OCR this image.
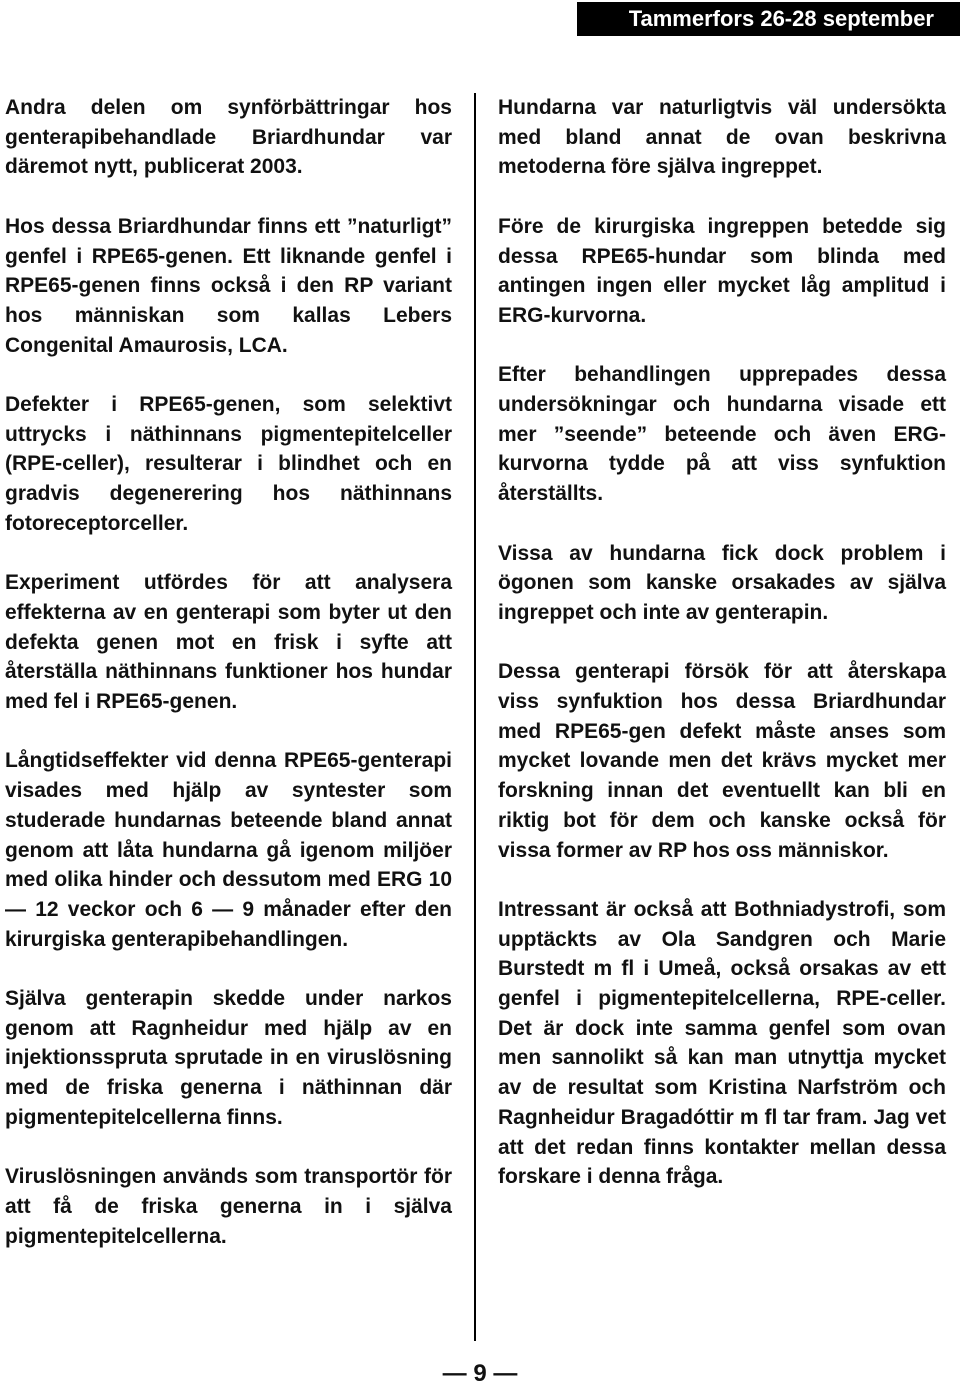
Tammerfors 26-28 september

Andra delen om synförbättringar hos genterapibehandlade Briardhundar var däremot nytt, publicerat 2003.

Hos dessa Briardhundar finns ett ”naturligt” genfel i RPE65-genen. Ett liknande genfel i RPE65-genen finns också i den RP variant hos människan som kallas Lebers Congenital Amaurosis, LCA.

Defekter i RPE65-genen, som selektivt uttrycks i näthinnans pigmentepitelceller (RPE-celler), resulterar i blindhet och en gradvis degenerering hos näthinnans fotoreceptorceller.

Experiment utfördes för att analysera effekterna av en genterapi som byter ut den defekta genen mot en frisk i syfte att återställa näthinnans funktioner hos hundar med fel i RPE65-genen.

Långtidseffekter vid denna RPE65-genterapi visades med hjälp av syntester som studerade hundarnas beteende bland annat genom att låta hundarna gå igenom miljöer med olika hinder och dessutom med ERG 10 — 12 veckor och 6 — 9 månader efter den kirurgiska genterapibehandlingen.

Själva genterapin skedde under narkos genom att Ragnheidur med hjälp av en injektionsspruta sprutade in en viruslösning med de friska generna i näthinnan där pigmentepitelcellerna finns.

Viruslösningen används som transportör för att få de friska generna in i själva pigmentepitelcellerna.

Hundarna var naturligtvis väl undersökta med bland annat de ovan beskrivna metoderna före själva ingreppet.

Före de kirurgiska ingreppen betedde sig dessa RPE65-hundar som blinda med antingen ingen eller mycket låg amplitud i ERG-kurvorna.

Efter behandlingen upprepades dessa undersökningar och hundarna visade ett mer ”seende” beteende och även ERG-kurvorna tydde på att viss synfuktion återställts.

Vissa av hundarna fick dock problem i ögonen som kanske orsakades av själva ingreppet och inte av genterapin.

Dessa genterapi försök för att återskapa viss synfuktion hos dessa Briardhundar med RPE65-gen defekt måste anses som mycket lovande men det krävs mycket mer forskning innan det eventuellt kan bli en riktig bot för dem och kanske också för vissa former av RP hos oss människor.

Intressant är också att Bothniadystrofi, som upptäckts av Ola Sandgren och Marie Burstedt m fl i Umeå, också orsakas av ett genfel i pigmentepitelcellerna, RPE-celler. Det är dock inte samma genfel som ovan men sannolikt så kan man utnyttja mycket av de resultat som Kristina Narfström och Ragnheidur Bragadóttir m fl tar fram. Jag vet att det redan finns kontakter mellan dessa forskare i denna fråga.

— 9 —
